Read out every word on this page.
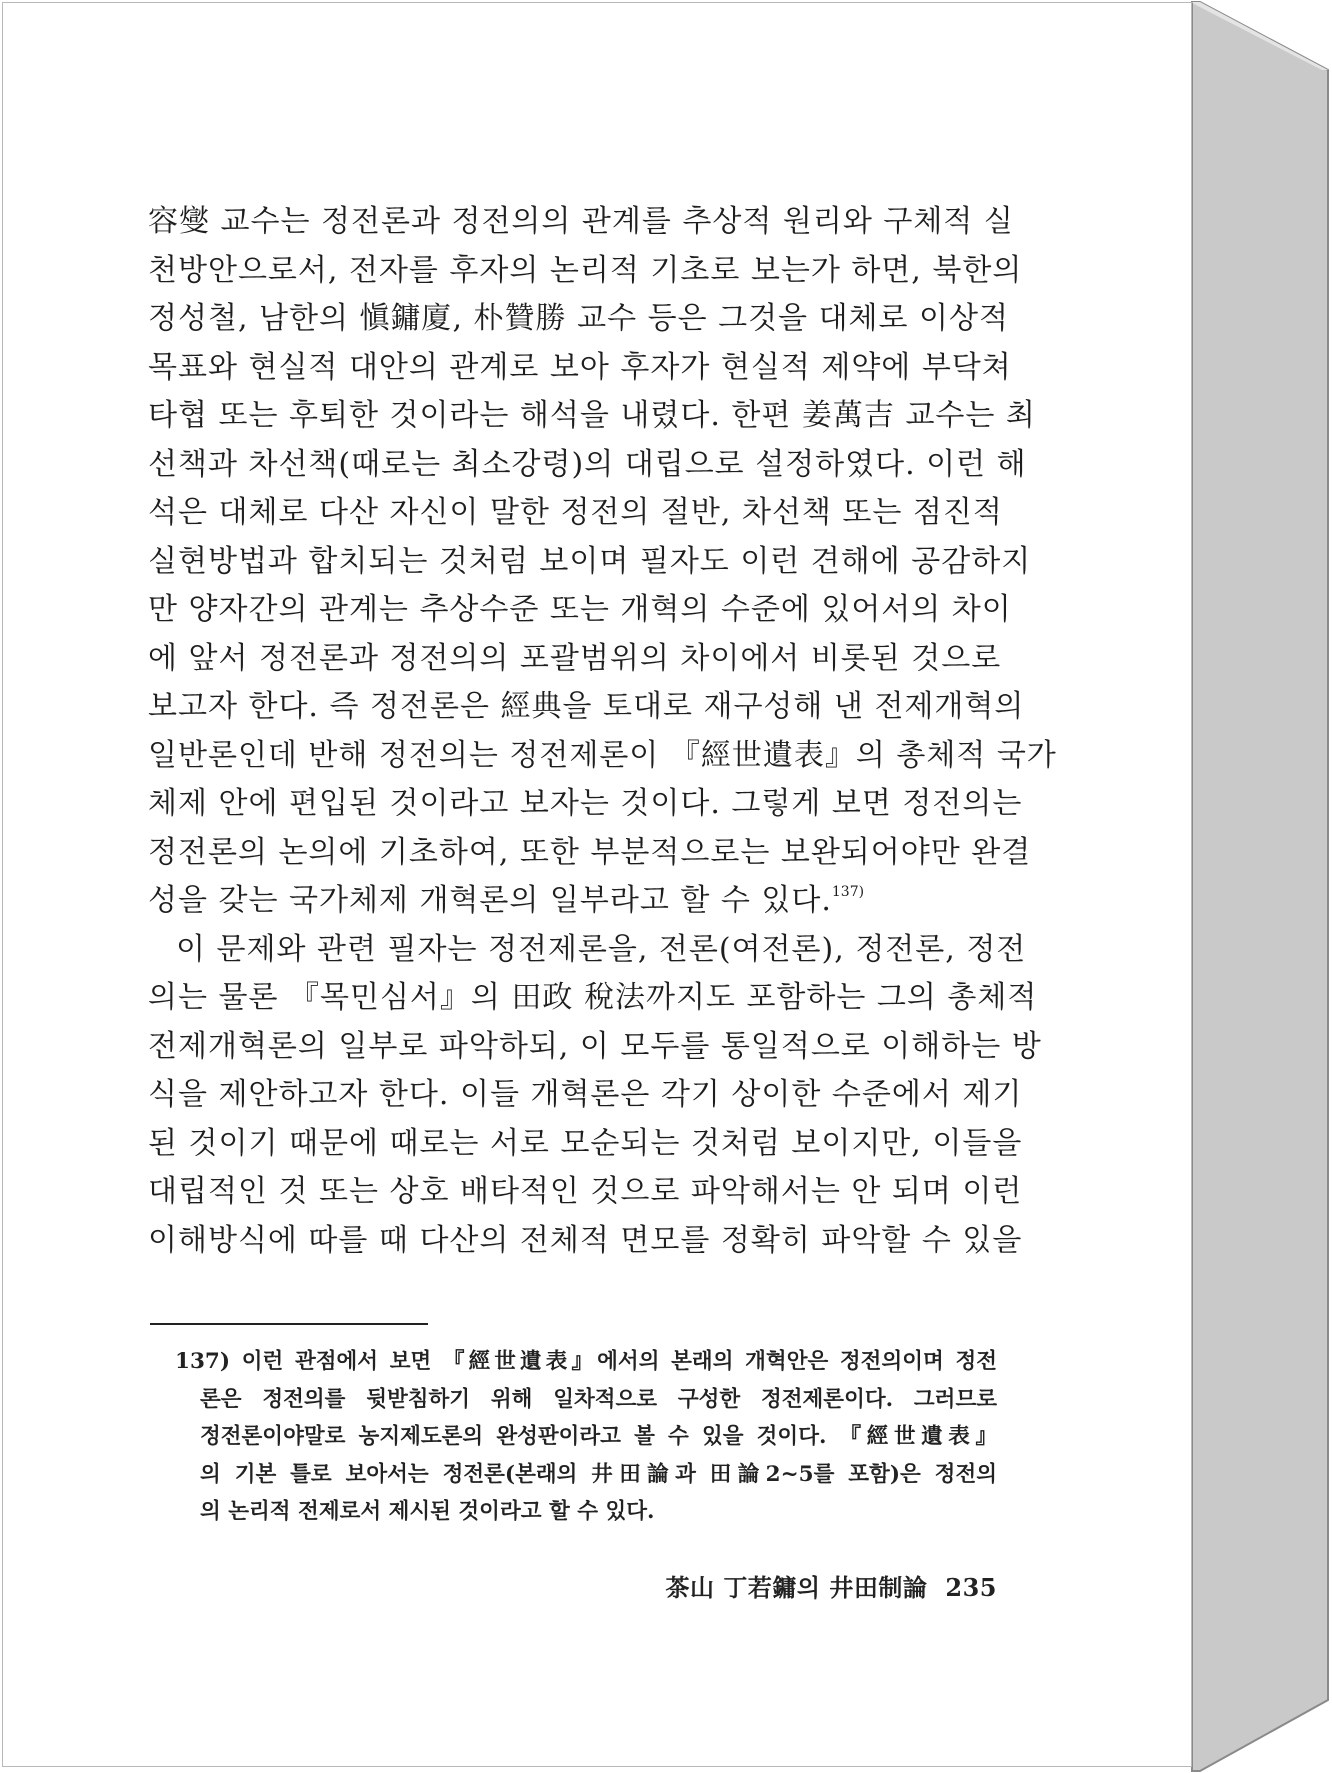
容燮 교수는 정전론과 정전의의 관계를 추상적 원리와 구체적 실
천방안으로서, 전자를 후자의 논리적 기초로 보는가 하면, 북한의
정성철, 남한의 愼鏞廈, 朴贊勝 교수 등은 그것을 대체로 이상적
목표와 현실적 대안의 관계로 보아 후자가 현실적 제약에 부닥쳐
타협 또는 후퇴한 것이라는 해석을 내렸다. 한편 姜萬吉 교수는 최
선책과 차선책(때로는 최소강령)의 대립으로 설정하였다. 이런 해
석은 대체로 다산 자신이 말한 정전의 절반, 차선책 또는 점진적
실현방법과 합치되는 것처럼 보이며 필자도 이런 견해에 공감하지
만 양자간의 관계는 추상수준 또는 개혁의 수준에 있어서의 차이
에 앞서 정전론과 정전의의 포괄범위의 차이에서 비롯된 것으로
보고자 한다. 즉 정전론은 經典을 토대로 재구성해 낸 전제개혁의
일반론인데 반해 정전의는 정전제론이 『經世遺表』의 총체적 국가
체제 안에 편입된 것이라고 보자는 것이다. 그렇게 보면 정전의는
정전론의 논의에 기초하여, 또한 부분적으로는 보완되어야만 완결
성을 갖는 국가체제 개혁론의 일부라고 할 수 있다.$^{137)}$
이 문제와 관련 필자는 정전제론을, 전론(여전론), 정전론, 정전
의는 물론 『목민심서』의 田政 稅法까지도 포함하는 그의 총체적
전제개혁론의 일부로 파악하되, 이 모두를 통일적으로 이해하는 방
식을 제안하고자 한다. 이들 개혁론은 각기 상이한 수준에서 제기
된 것이기 때문에 때로는 서로 모순되는 것처럼 보이지만, 이들을
대립적인 것 또는 상호 배타적인 것으로 파악해서는 안 되며 이런
이해방식에 따를 때 다산의 전체적 면모를 정확히 파악할 수 있을
137) 이런 관점에서 보면 『經世遺表』에서의 본래의 개혁안은 정전의이며 정전
론은 정전의를 뒷받침하기 위해 일차적으로 구성한 정전제론이다. 그러므로
정전론이야말로 농지제도론의 완성판이라고 볼 수 있을 것이다. 『經世遺表』
의 기본 틀로 보아서는 정전론(본래의 井田論과 田論2~5를 포함)은 정전의
의 논리적 전제로서 제시된 것이라고 할 수 있다.
茶山 丁若鏞의 井田制論 235
